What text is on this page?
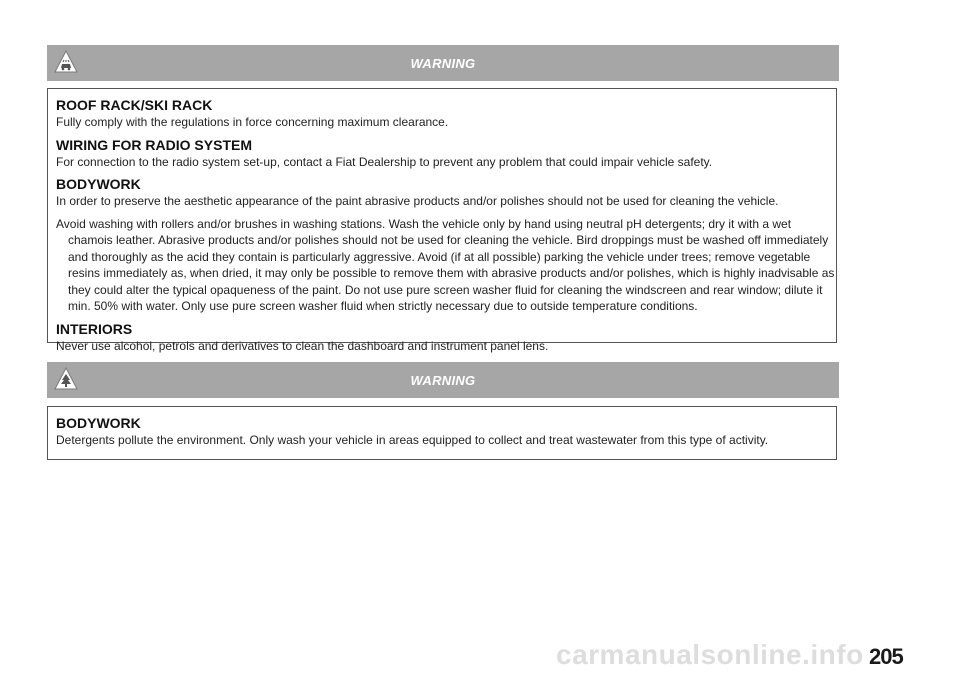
WARNING
ROOF RACK/SKI RACK

Fully comply with the regulations in force concerning maximum clearance.

WIRING FOR RADIO SYSTEM

For connection to the radio system set-up, contact a Fiat Dealership to prevent any problem that could impair vehicle safety.

BODYWORK

In order to preserve the aesthetic appearance of the paint abrasive products and/or polishes should not be used for cleaning the vehicle.

Avoid washing with rollers and/or brushes in washing stations. Wash the vehicle only by hand using neutral pH detergents; dry it with a wet chamois leather. Abrasive products and/or polishes should not be used for cleaning the vehicle. Bird droppings must be washed off immediately and thoroughly as the acid they contain is particularly aggressive. Avoid (if at all possible) parking the vehicle under trees; remove vegetable resins immediately as, when dried, it may only be possible to remove them with abrasive products and/or polishes, which is highly inadvisable as they could alter the typical opaqueness of the paint. Do not use pure screen washer fluid for cleaning the windscreen and rear window; dilute it min. 50% with water. Only use pure screen washer fluid when strictly necessary due to outside temperature conditions.

INTERIORS

Never use alcohol, petrols and derivatives to clean the dashboard and instrument panel lens.

WARNING
BODYWORK

Detergents pollute the environment. Only wash your vehicle in areas equipped to collect and treat wastewater from this type of activity.

carmanualsonline.info 205
